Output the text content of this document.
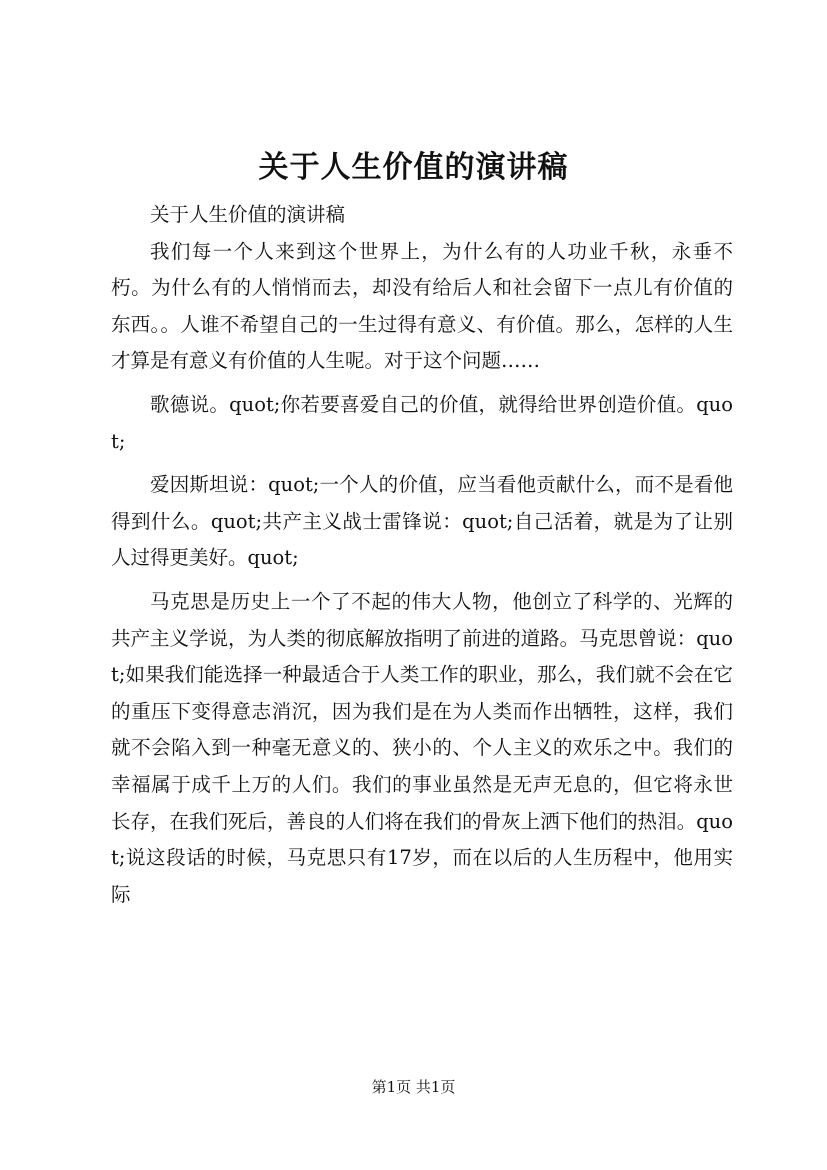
关于人生价值的演讲稿

关于人生价值的演讲稿

我们每一个人来到这个世界上，为什么有的人功业千秋，永垂不朽。为什么有的人悄悄而去，却没有给后人和社会留下一点儿有价值的东西。。人谁不希望自己的一生过得有意义、有价值。那么，怎样的人生才算是有意义有价值的人生呢。对于这个问题……

歌德说。quot;你若要喜爱自己的价值，就得给世界创造价值。quot;

爱因斯坦说：quot;一个人的价值，应当看他贡献什么，而不是看他得到什么。quot;共产主义战士雷锋说：quot;自己活着，就是为了让别人过得更美好。quot;

马克思是历史上一个了不起的伟大人物，他创立了科学的、光辉的共产主义学说，为人类的彻底解放指明了前进的道路。马克思曾说：quot;如果我们能选择一种最适合于人类工作的职业，那么，我们就不会在它的重压下变得意志消沉，因为我们是在为人类而作出牺牲，这样，我们就不会陷入到一种毫无意义的、狭小的、个人主义的欢乐之中。我们的幸福属于成千上万的人们。我们的事业虽然是无声无息的，但它将永世长存，在我们死后，善良的人们将在我们的骨灰上洒下他们的热泪。quot;说这段话的时候，马克思只有17岁，而在以后的人生历程中，他用实际

第1页 共1页
